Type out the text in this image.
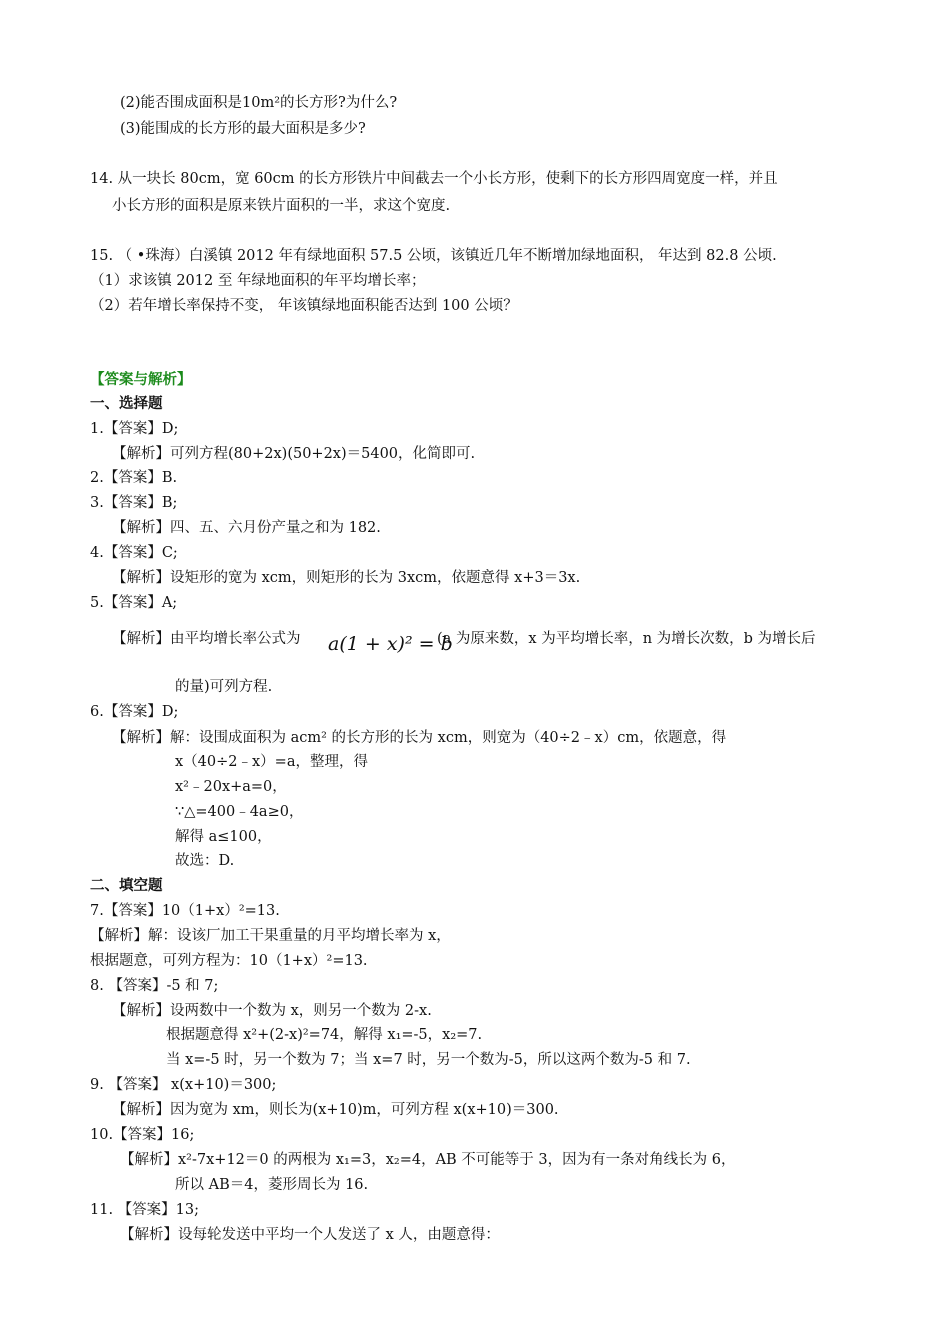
(2)能否围成面积是10m²的长方形?为什么?
(3)能围成的长方形的最大面积是多少?
14. 从一块长 80cm，宽 60cm 的长方形铁片中间截去一个小长方形，使剩下的长方形四周宽度一样，并且
小长方形的面积是原来铁片面积的一半，求这个宽度.
15. （ •珠海）白溪镇 2012 年有绿地面积 57.5 公顷，该镇近几年不断增加绿地面积， 年达到 82.8 公顷.
（1）求该镇 2012 至 年绿地面积的年平均增长率；
（2）若年增长率保持不变， 年该镇绿地面积能否达到 100 公顷？
【答案与解析】
一、选择题
1.【答案】D;
【解析】可列方程(80+2x)(50+2x)＝5400，化简即可.
2.【答案】B.
3.【答案】B;
【解析】四、五、六月份产量之和为 182.
4.【答案】C;
【解析】设矩形的宽为 xcm，则矩形的长为 3xcm，依题意得 x+3＝3x.
5.【答案】A;
【解析】由平均增长率公式为 a(1 + x)² = b
(a 为原来数，x 为平均增长率，n 为增长次数，b 为增长后
的量)可列方程.
6.【答案】D;
【解析】解：设围成面积为 acm² 的长方形的长为 xcm，则宽为（40÷2﹣x）cm，依题意，得
x（40÷2﹣x）=a，整理，得
x²﹣20x+a=0，
∵△=400﹣4a≥0，
解得 a≤100，
故选：D.
二、填空题
7.【答案】10（1+x）²=13.
【解析】解：设该厂加工干果重量的月平均增长率为 x，
根据题意，可列方程为：10（1+x）²=13.
8. 【答案】-5 和 7;
【解析】设两数中一个数为 x，则另一个数为 2-x.
根据题意得 x²+(2-x)²=74，解得 x₁=-5，x₂=7.
当 x=-5 时，另一个数为 7；当 x=7 时，另一个数为-5，所以这两个数为-5 和 7.
9. 【答案】 x(x+10)＝300;
【解析】因为宽为 xm，则长为(x+10)m，可列方程 x(x+10)＝300.
10.【答案】16;
【解析】x²-7x+12＝0 的两根为 x₁=3，x₂=4，AB 不可能等于 3，因为有一条对角线长为 6，
所以 AB＝4，菱形周长为 16.
11. 【答案】13;
【解析】设每轮发送中平均一个人发送了 x 人，由题意得：
